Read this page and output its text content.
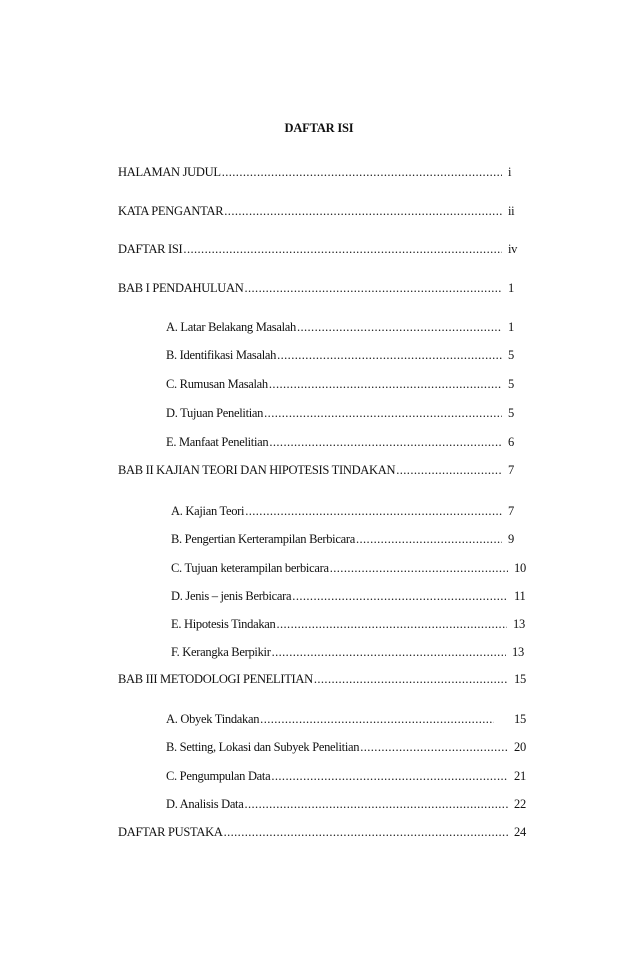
DAFTAR ISI
HALAMAN JUDUL .....	i
KATA PENGANTAR .....	ii
DAFTAR ISI .....	iv
BAB I PENDAHULUAN .....	1
A. Latar Belakang Masalah .....	1
B. Identifikasi Masalah .....	5
C. Rumusan Masalah .....	5
D. Tujuan Penelitian .....	5
E. Manfaat Penelitian .....	6
BAB II KAJIAN TEORI DAN HIPOTESIS TINDAKAN .....	7
A. Kajian Teori .....	7
B. Pengertian Kerterampilan Berbicara .....	9
C. Tujuan keterampilan berbicara .....	10
D. Jenis – jenis Berbicara .....	11
E. Hipotesis Tindakan .....	13
F. Kerangka Berpikir .....	13
BAB III METODOLOGI PENELITIAN .....	15
A. Obyek Tindakan .....	15
B. Setting, Lokasi dan Subyek Penelitian .....	20
C. Pengumpulan Data .....	21
D. Analisis Data .....	22
DAFTAR PUSTAKA .....	24
